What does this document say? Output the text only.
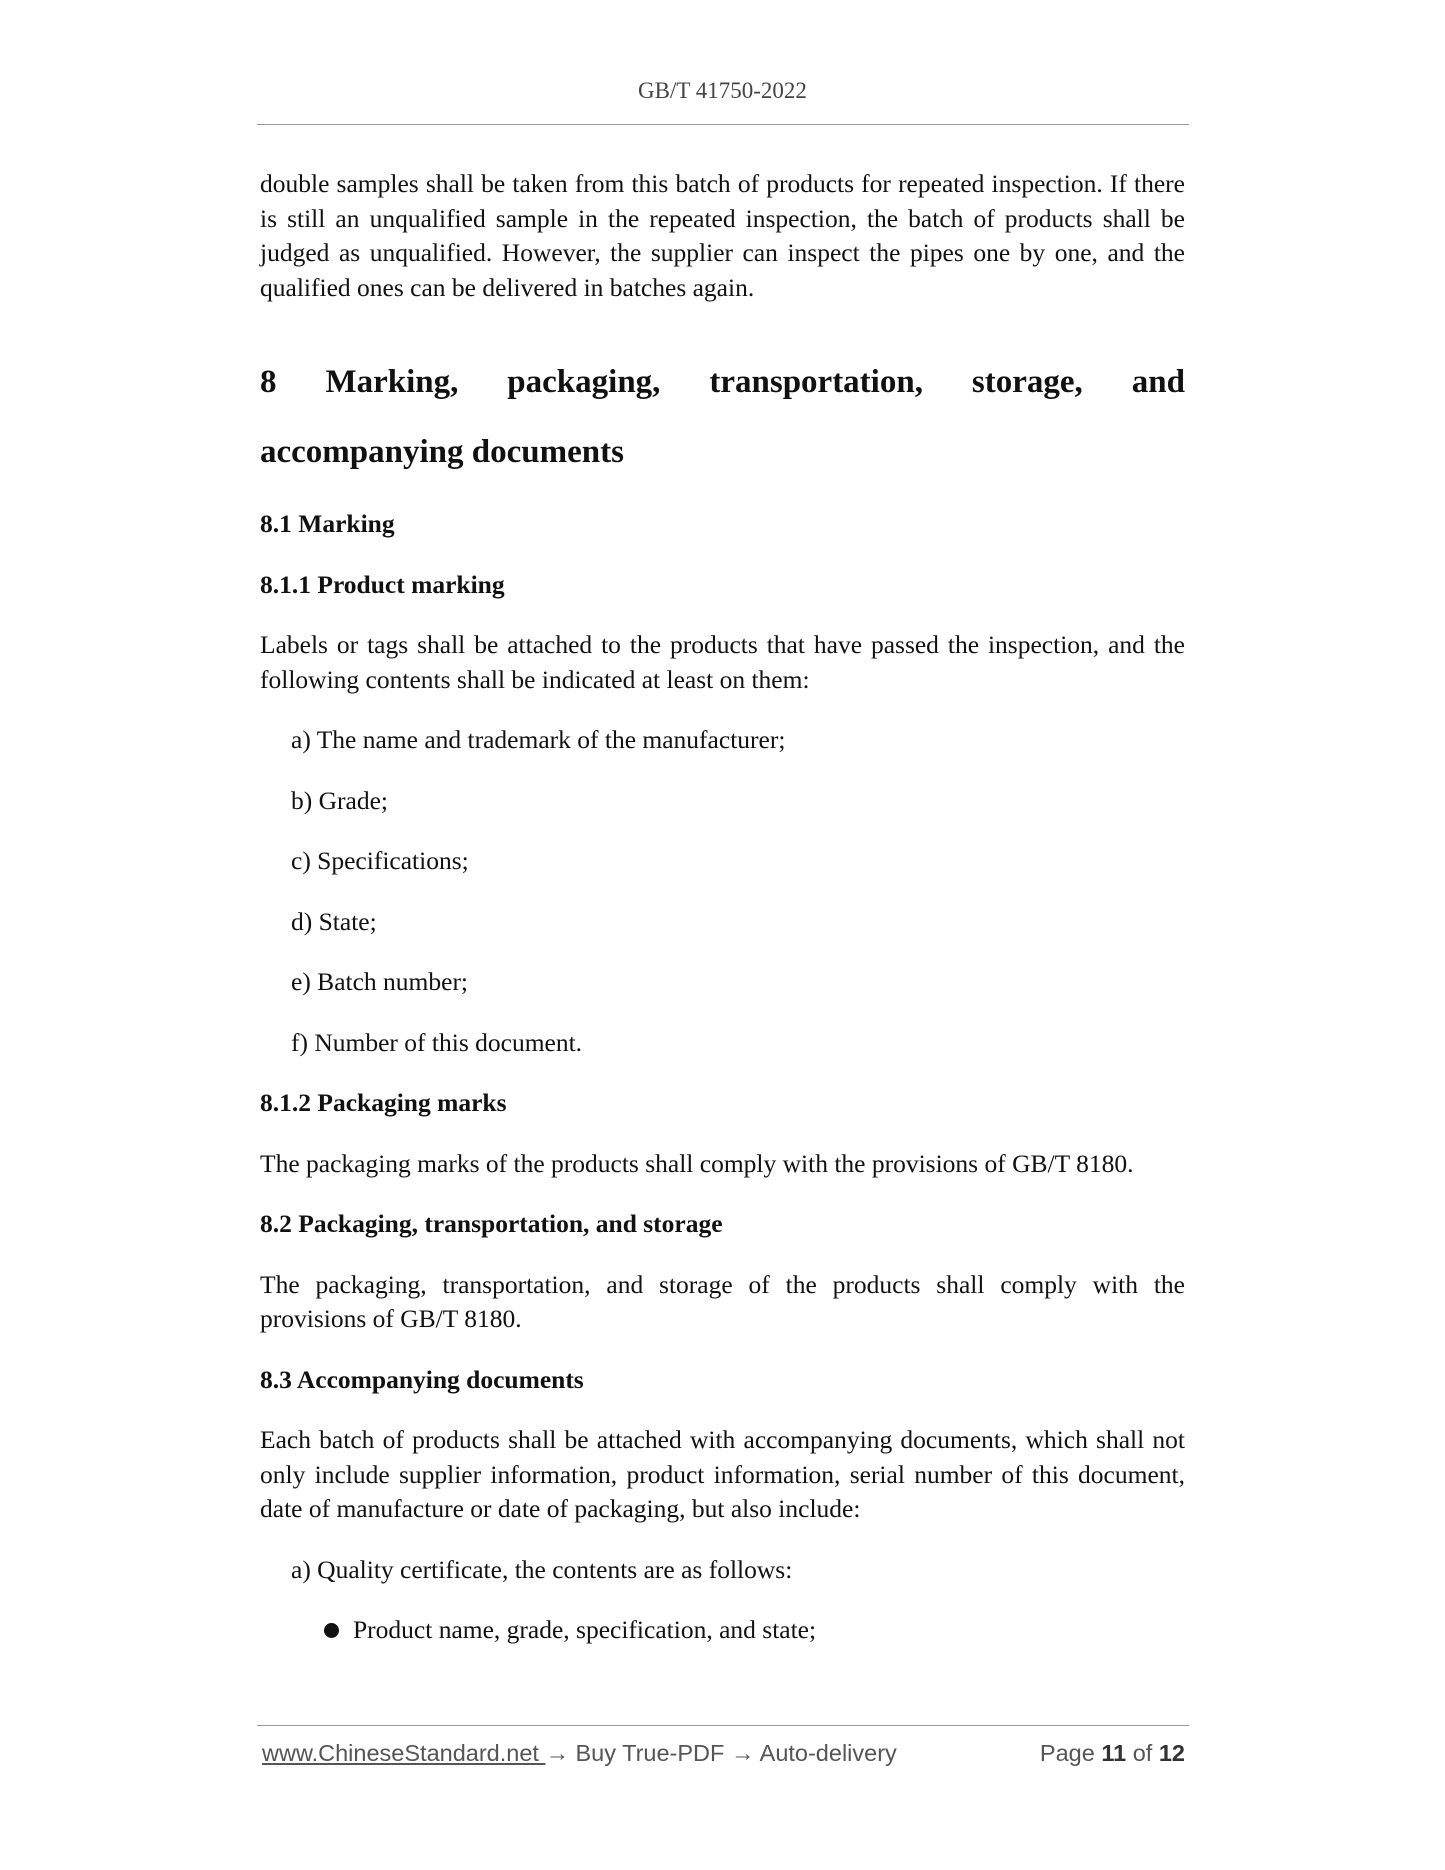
GB/T 41750-2022

double samples shall be taken from this batch of products for repeated inspection. If there is still an unqualified sample in the repeated inspection, the batch of products shall be judged as unqualified. However, the supplier can inspect the pipes one by one, and the qualified ones can be delivered in batches again.

8 Marking, packaging, transportation, storage, and
accompanying documents
8.1 Marking
8.1.1 Product marking

Labels or tags shall be attached to the products that have passed the inspection, and the following contents shall be indicated at least on them:

a) The name and trademark of the manufacturer;
b) Grade;
c) Specifications;
d) State;
e) Batch number;
f) Number of this document.
8.1.2 Packaging marks

The packaging marks of the products shall comply with the provisions of GB/T 8180.

8.2 Packaging, transportation, and storage

The packaging, transportation, and storage of the products shall comply with the provisions of GB/T 8180.

8.3 Accompanying documents

Each batch of products shall be attached with accompanying documents, which shall not only include supplier information, product information, serial number of this document, date of manufacture or date of packaging, but also include:

a) Quality certificate, the contents are as follows:
Product name, grade, specification, and state;
www.ChineseStandard.net → Buy True-PDF → Auto-delivery	Page 11 of 12
